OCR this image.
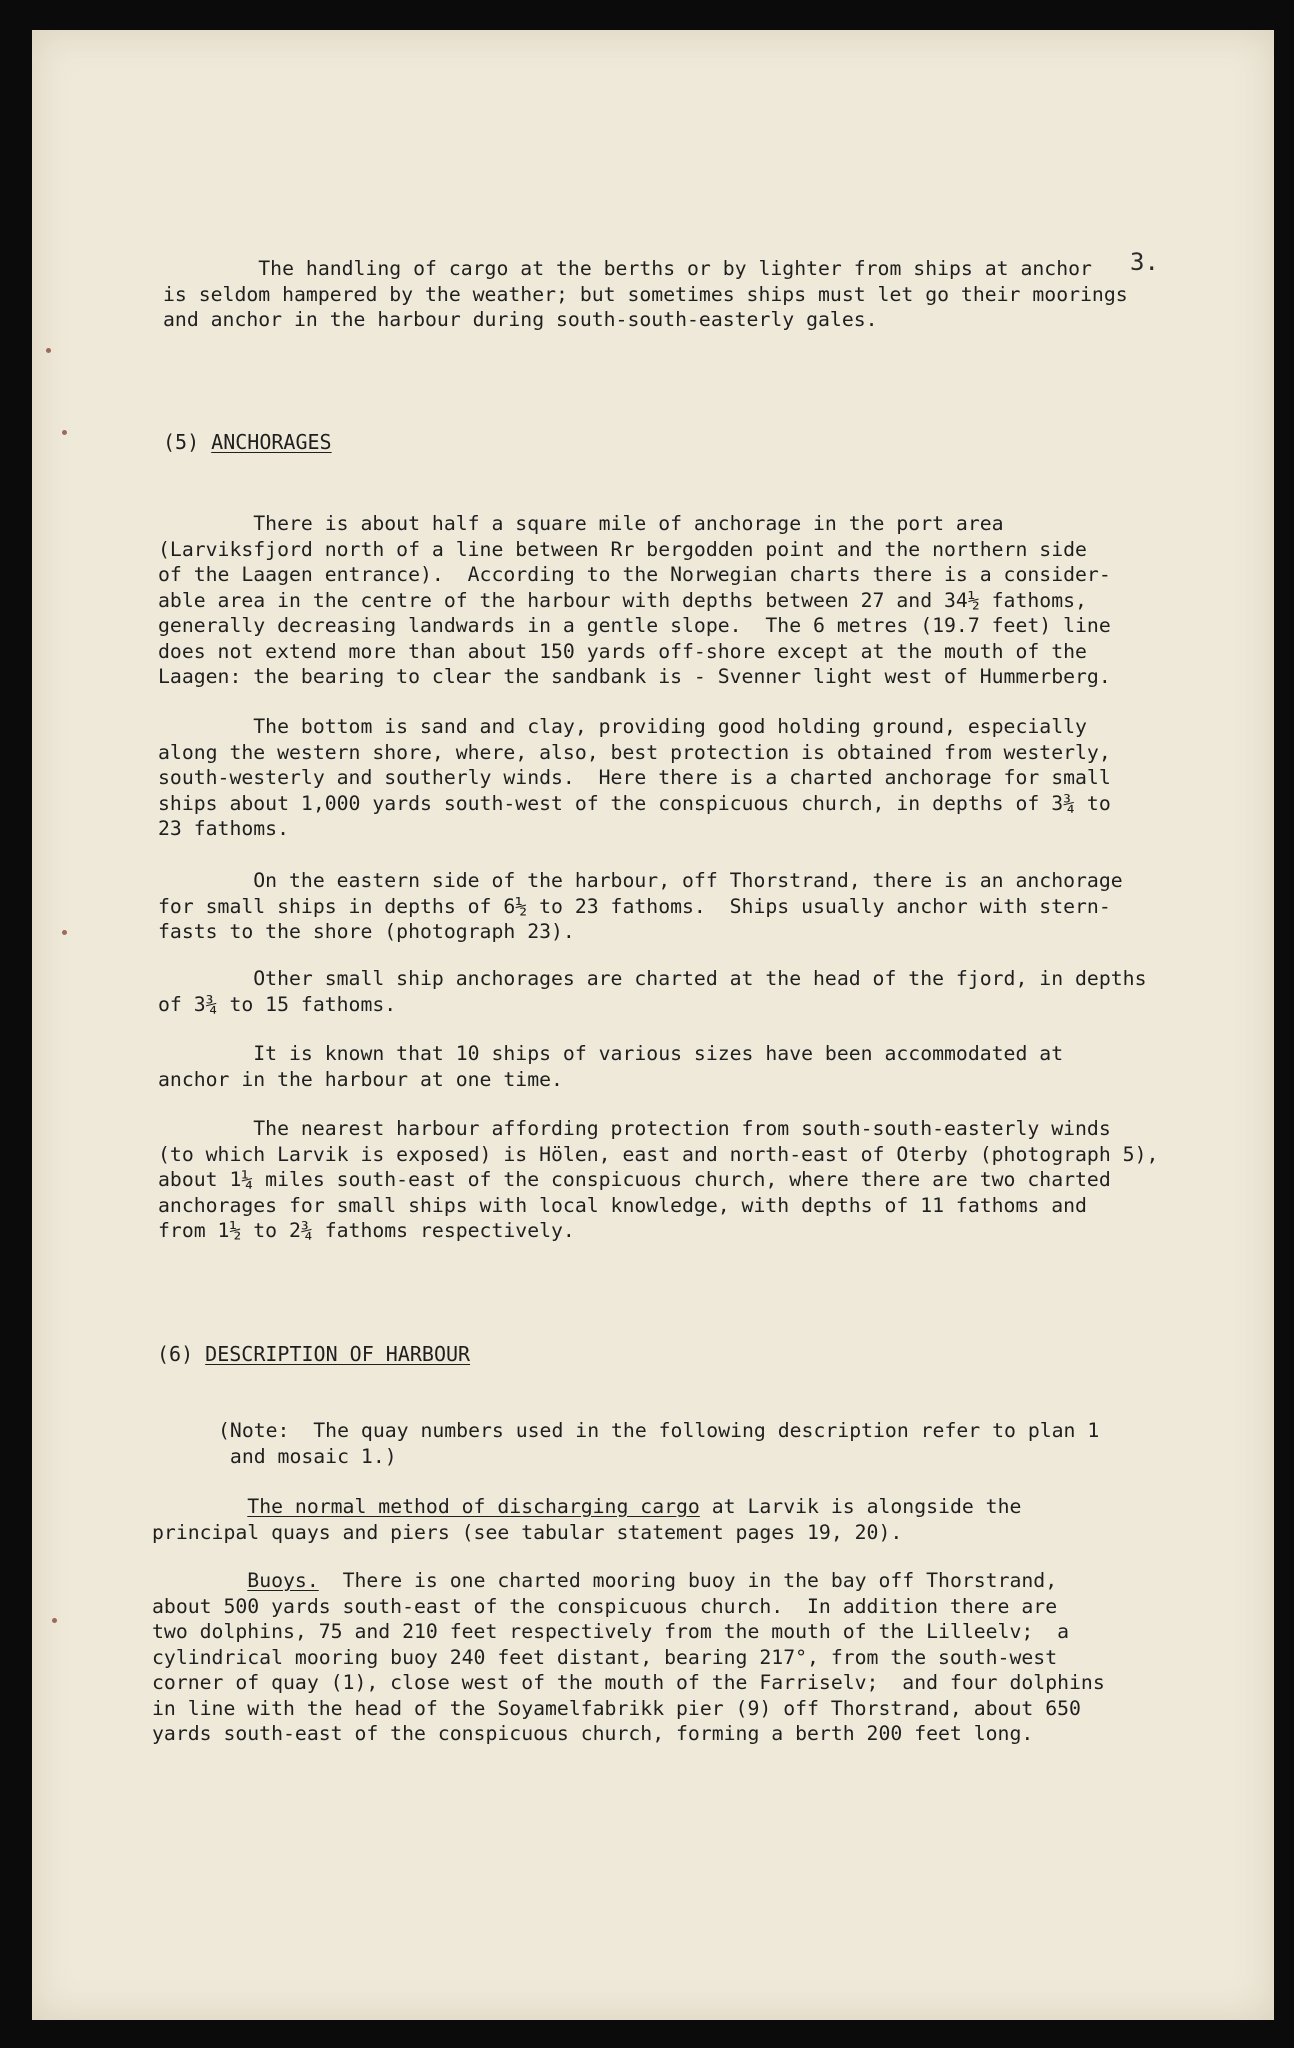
3.
The handling of cargo at the berths or by lighter from ships at anchor
is seldom hampered by the weather; but sometimes ships must let go their moorings
and anchor in the harbour during south-south-easterly gales.
(5) ANCHORAGES
There is about half a square mile of anchorage in the port area
(Larviksfjord north of a line between Rr bergodden point and the northern side
of the Laagen entrance).  According to the Norwegian charts there is a consider-
able area in the centre of the harbour with depths between 27 and 34½ fathoms,
generally decreasing landwards in a gentle slope.  The 6 metres (19.7 feet) line
does not extend more than about 150 yards off-shore except at the mouth of the
Laagen: the bearing to clear the sandbank is - Svenner light west of Hummerberg.
The bottom is sand and clay, providing good holding ground, especially
along the western shore, where, also, best protection is obtained from westerly,
south-westerly and southerly winds.  Here there is a charted anchorage for small
ships about 1,000 yards south-west of the conspicuous church, in depths of 3¾ to
23 fathoms.
On the eastern side of the harbour, off Thorstrand, there is an anchorage
for small ships in depths of 6½ to 23 fathoms.  Ships usually anchor with stern-
fasts to the shore (photograph 23).
Other small ship anchorages are charted at the head of the fjord, in depths
of 3¾ to 15 fathoms.
It is known that 10 ships of various sizes have been accommodated at
anchor in the harbour at one time.
The nearest harbour affording protection from south-south-easterly winds
(to which Larvik is exposed) is Hölen, east and north-east of Oterby (photograph 5),
about 1¼ miles south-east of the conspicuous church, where there are two charted
anchorages for small ships with local knowledge, with depths of 11 fathoms and
from 1½ to 2¾ fathoms respectively.
(6) DESCRIPTION OF HARBOUR
(Note:  The quay numbers used in the following description refer to plan 1
and mosaic 1.)
The normal method of discharging cargo at Larvik is alongside the
principal quays and piers (see tabular statement pages 19, 20).
Buoys.  There is one charted mooring buoy in the bay off Thorstrand,
about 500 yards south-east of the conspicuous church.  In addition there are
two dolphins, 75 and 210 feet respectively from the mouth of the Lilleelv;  a
cylindrical mooring buoy 240 feet distant, bearing 217°, from the south-west
corner of quay (1), close west of the mouth of the Farriselv;  and four dolphins
in line with the head of the Soyamelfabrikk pier (9) off Thorstrand, about 650
yards south-east of the conspicuous church, forming a berth 200 feet long.
